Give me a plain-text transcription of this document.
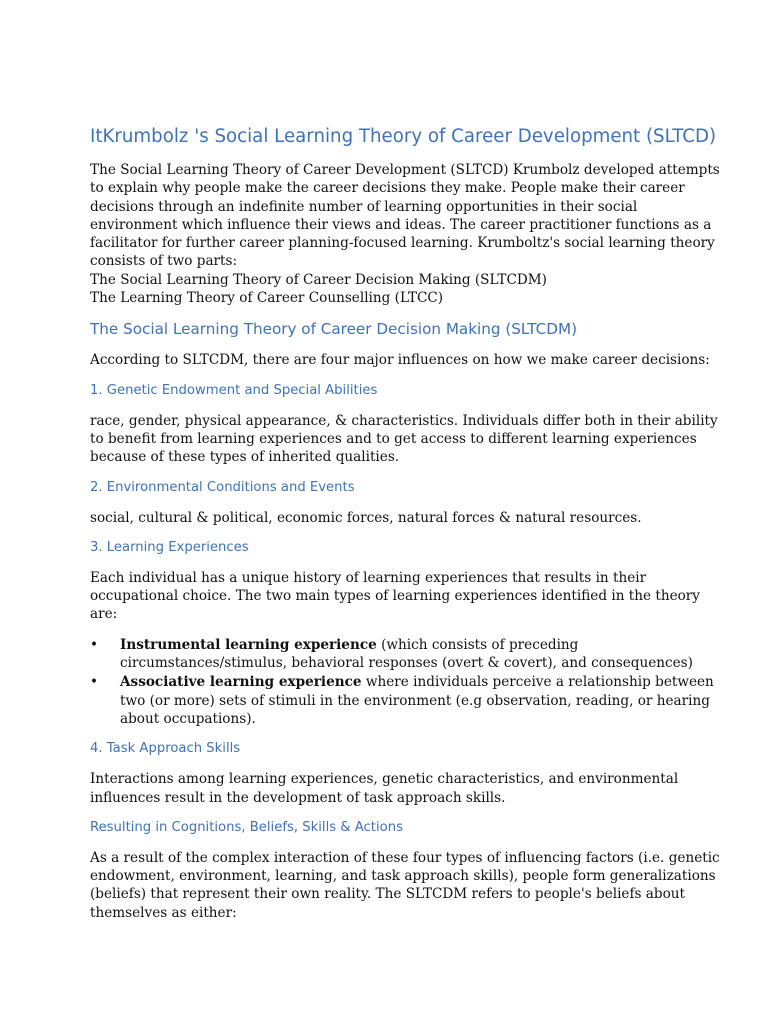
ItKrumbolz 's Social Learning Theory of Career Development (SLTCD)
The Social Learning Theory of Career Development (SLTCD) Krumbolz developed attempts
to explain why people make the career decisions they make. People make their career
decisions through an indefinite number of learning opportunities in their social
environment which influence their views and ideas. The career practitioner functions as a
facilitator for further career planning-focused learning. Krumboltz's social learning theory
consists of two parts:
The Social Learning Theory of Career Decision Making (SLTCDM)
The Learning Theory of Career Counselling (LTCC)
The Social Learning Theory of Career Decision Making (SLTCDM)
According to SLTCDM, there are four major influences on how we make career decisions:
1. Genetic Endowment and Special Abilities
race, gender, physical appearance, & characteristics. Individuals differ both in their ability
to benefit from learning experiences and to get access to different learning experiences
because of these types of inherited qualities.
2. Environmental Conditions and Events
social, cultural & political, economic forces, natural forces & natural resources.
3. Learning Experiences
Each individual has a unique history of learning experiences that results in their
occupational choice. The two main types of learning experiences identified in the theory
are:
•	Instrumental learning experience (which consists of preceding
circumstances/stimulus, behavioral responses (overt & covert), and consequences)
•	Associative learning experience where individuals perceive a relationship between
two (or more) sets of stimuli in the environment (e.g observation, reading, or hearing
about occupations).
4. Task Approach Skills
Interactions among learning experiences, genetic characteristics, and environmental
influences result in the development of task approach skills.
Resulting in Cognitions, Beliefs, Skills & Actions
As a result of the complex interaction of these four types of influencing factors (i.e. genetic
endowment, environment, learning, and task approach skills), people form generalizations
(beliefs) that represent their own reality. The SLTCDM refers to people's beliefs about
themselves as either:
